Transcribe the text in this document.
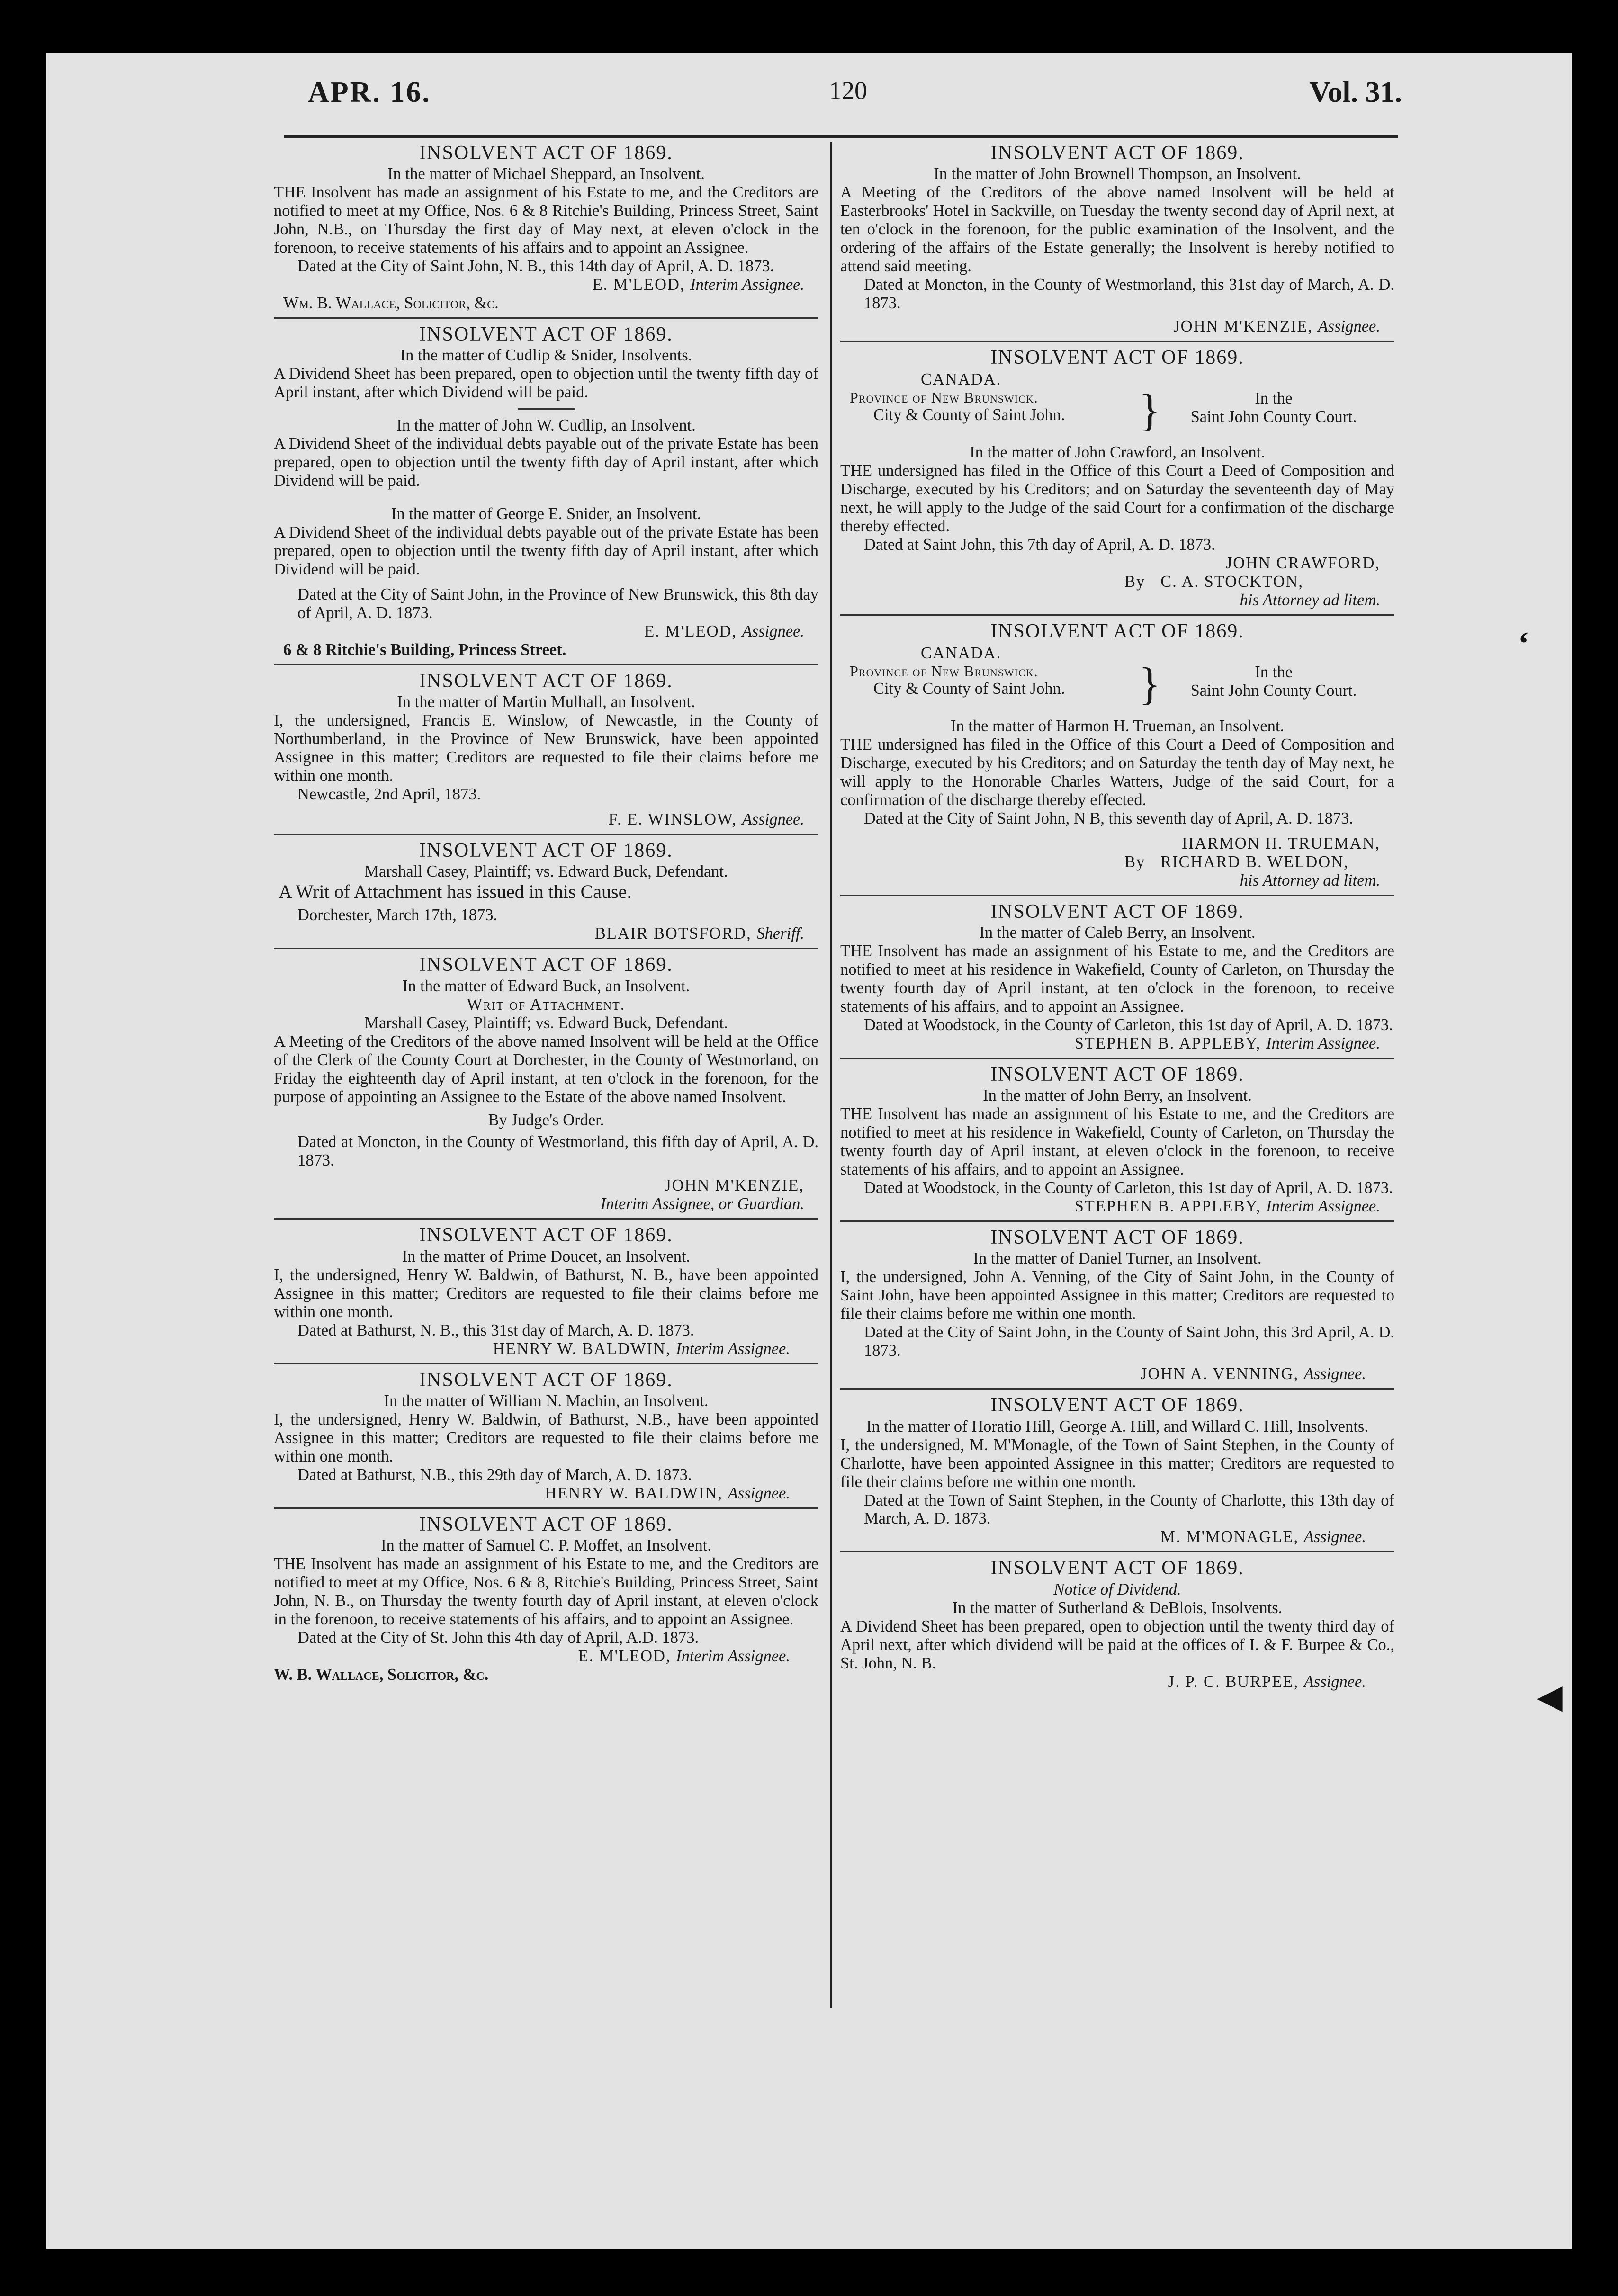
APR. 16.	120	Vol. 31.
INSOLVENT ACT OF 1869.
In the matter of Michael Sheppard, an Insolvent.
THE Insolvent has made an assignment of his Estate to me, and the Creditors are notified to meet at my Office, Nos. 6 & 8 Ritchie's Building, Princess Street, Saint John, N.B., on Thursday the first day of May next, at eleven o'clock in the forenoon, to receive statements of his affairs and to appoint an Assignee.
Dated at the City of Saint John, N. B., this 14th day of April, A. D. 1873.
E. M'LEOD, Interim Assignee.
Wm. B. Wallace, Solicitor, &c.
INSOLVENT ACT OF 1869.
In the matter of Cudlip & Snider, Insolvents.
A Dividend Sheet has been prepared, open to objection until the twenty fifth day of April instant, after which Dividend will be paid.
In the matter of John W. Cudlip, an Insolvent.
A Dividend Sheet of the individual debts payable out of the private Estate has been prepared, open to objection until the twenty fifth day of April instant, after which Dividend will be paid.
In the matter of George E. Snider, an Insolvent.
A Dividend Sheet of the individual debts payable out of the private Estate has been prepared, open to objection until the twenty fifth day of April instant, after which Dividend will be paid.
Dated at the City of Saint John, in the Province of New Brunswick, this 8th day of April, A. D. 1873.
E. M'LEOD, Assignee.
6 & 8 Ritchie's Building, Princess Street.
INSOLVENT ACT OF 1869.
In the matter of Martin Mulhall, an Insolvent.
I, the undersigned, Francis E. Winslow, of Newcastle, in the County of Northumberland, in the Province of New Brunswick, have been appointed Assignee in this matter; Creditors are requested to file their claims before me within one month.
Newcastle, 2nd April, 1873.
F. E. WINSLOW, Assignee.
INSOLVENT ACT OF 1869.
Marshall Casey, Plaintiff; vs. Edward Buck, Defendant.
A Writ of Attachment has issued in this Cause.
Dorchester, March 17th, 1873.
BLAIR BOTSFORD, Sheriff.
INSOLVENT ACT OF 1869.
In the matter of Edward Buck, an Insolvent.
Writ of Attachment.
Marshall Casey, Plaintiff; vs. Edward Buck, Defendant.
A Meeting of the Creditors of the above named Insolvent will be held at the Office of the Clerk of the County Court at Dorchester, in the County of Westmorland, on Friday the eighteenth day of April instant, at ten o'clock in the forenoon, for the purpose of appointing an Assignee to the Estate of the above named Insolvent.
By Judge's Order.
Dated at Moncton, in the County of Westmorland, this fifth day of April, A. D. 1873.
JOHN M'KENZIE,
Interim Assignee, or Guardian.
INSOLVENT ACT OF 1869.
In the matter of Prime Doucet, an Insolvent.
I, the undersigned, Henry W. Baldwin, of Bathurst, N. B., have been appointed Assignee in this matter; Creditors are requested to file their claims before me within one month.
Dated at Bathurst, N. B., this 31st day of March, A. D. 1873.
HENRY W. BALDWIN, Interim Assignee.
INSOLVENT ACT OF 1869.
In the matter of William N. Machin, an Insolvent.
I, the undersigned, Henry W. Baldwin, of Bathurst, N.B., have been appointed Assignee in this matter; Creditors are requested to file their claims before me within one month.
Dated at Bathurst, N.B., this 29th day of March, A. D. 1873.
HENRY W. BALDWIN, Assignee.
INSOLVENT ACT OF 1869.
In the matter of Samuel C. P. Moffet, an Insolvent.
THE Insolvent has made an assignment of his Estate to me, and the Creditors are notified to meet at my Office, Nos. 6 & 8, Ritchie's Building, Princess Street, Saint John, N. B., on Thursday the twenty fourth day of April instant, at eleven o'clock in the forenoon, to receive statements of his affairs, and to appoint an Assignee.
Dated at the City of St. John this 4th day of April, A.D. 1873.
E. M'LEOD, Interim Assignee.
W. B. Wallace, Solicitor, &c.
INSOLVENT ACT OF 1869.
In the matter of John Brownell Thompson, an Insolvent.
A Meeting of the Creditors of the above named Insolvent will be held at Easterbrooks' Hotel in Sackville, on Tuesday the twenty second day of April next, at ten o'clock in the forenoon, for the public examination of the Insolvent, and the ordering of the affairs of the Estate generally; the Insolvent is hereby notified to attend said meeting.
Dated at Moncton, in the County of Westmorland, this 31st day of March, A. D. 1873.
JOHN M'KENZIE, Assignee.
INSOLVENT ACT OF 1869.
CANADA.
Province of New Brunswick.
City & County of Saint John.	}	In the
Saint John County Court.
In the matter of John Crawford, an Insolvent.
THE undersigned has filed in the Office of this Court a Deed of Composition and Discharge, executed by his Creditors; and on Saturday the seventeenth day of May next, he will apply to the Judge of the said Court for a confirmation of the discharge thereby effected.
Dated at Saint John, this 7th day of April, A. D. 1873.
JOHN CRAWFORD,
By   C. A. STOCKTON,
his Attorney ad litem.
INSOLVENT ACT OF 1869.
CANADA.
Province of New Brunswick.
City & County of Saint John.	}	In the
Saint John County Court.
In the matter of Harmon H. Trueman, an Insolvent.
THE undersigned has filed in the Office of this Court a Deed of Composition and Discharge, executed by his Creditors; and on Saturday the tenth day of May next, he will apply to the Honorable Charles Watters, Judge of the said Court, for a confirmation of the discharge thereby effected.
Dated at the City of Saint John, N B, this seventh day of April, A. D. 1873.
HARMON H. TRUEMAN,
By   RICHARD B. WELDON,
his Attorney ad litem.
INSOLVENT ACT OF 1869.
In the matter of Caleb Berry, an Insolvent.
THE Insolvent has made an assignment of his Estate to me, and the Creditors are notified to meet at his residence in Wakefield, County of Carleton, on Thursday the twenty fourth day of April instant, at ten o'clock in the forenoon, to receive statements of his affairs, and to appoint an Assignee.
Dated at Woodstock, in the County of Carleton, this 1st day of April, A. D. 1873.
STEPHEN B. APPLEBY, Interim Assignee.
INSOLVENT ACT OF 1869.
In the matter of John Berry, an Insolvent.
THE Insolvent has made an assignment of his Estate to me, and the Creditors are notified to meet at his residence in Wakefield, County of Carleton, on Thursday the twenty fourth day of April instant, at eleven o'clock in the forenoon, to receive statements of his affairs, and to appoint an Assignee.
Dated at Woodstock, in the County of Carleton, this 1st day of April, A. D. 1873.
STEPHEN B. APPLEBY, Interim Assignee.
INSOLVENT ACT OF 1869.
In the matter of Daniel Turner, an Insolvent.
I, the undersigned, John A. Venning, of the City of Saint John, in the County of Saint John, have been appointed Assignee in this matter; Creditors are requested to file their claims before me within one month.
Dated at the City of Saint John, in the County of Saint John, this 3rd April, A. D. 1873.
JOHN A. VENNING, Assignee.
INSOLVENT ACT OF 1869.
In the matter of Horatio Hill, George A. Hill, and Willard C. Hill, Insolvents.
I, the undersigned, M. M'Monagle, of the Town of Saint Stephen, in the County of Charlotte, have been appointed Assignee in this matter; Creditors are requested to file their claims before me within one month.
Dated at the Town of Saint Stephen, in the County of Charlotte, this 13th day of March, A. D. 1873.
M. M'MONAGLE, Assignee.
INSOLVENT ACT OF 1869.
Notice of Dividend.
In the matter of Sutherland & DeBlois, Insolvents.
A Dividend Sheet has been prepared, open to objection until the twenty third day of April next, after which dividend will be paid at the offices of I. & F. Burpee & Co., St. John, N. B.
J. P. C. BURPEE, Assignee.
‘
◀
